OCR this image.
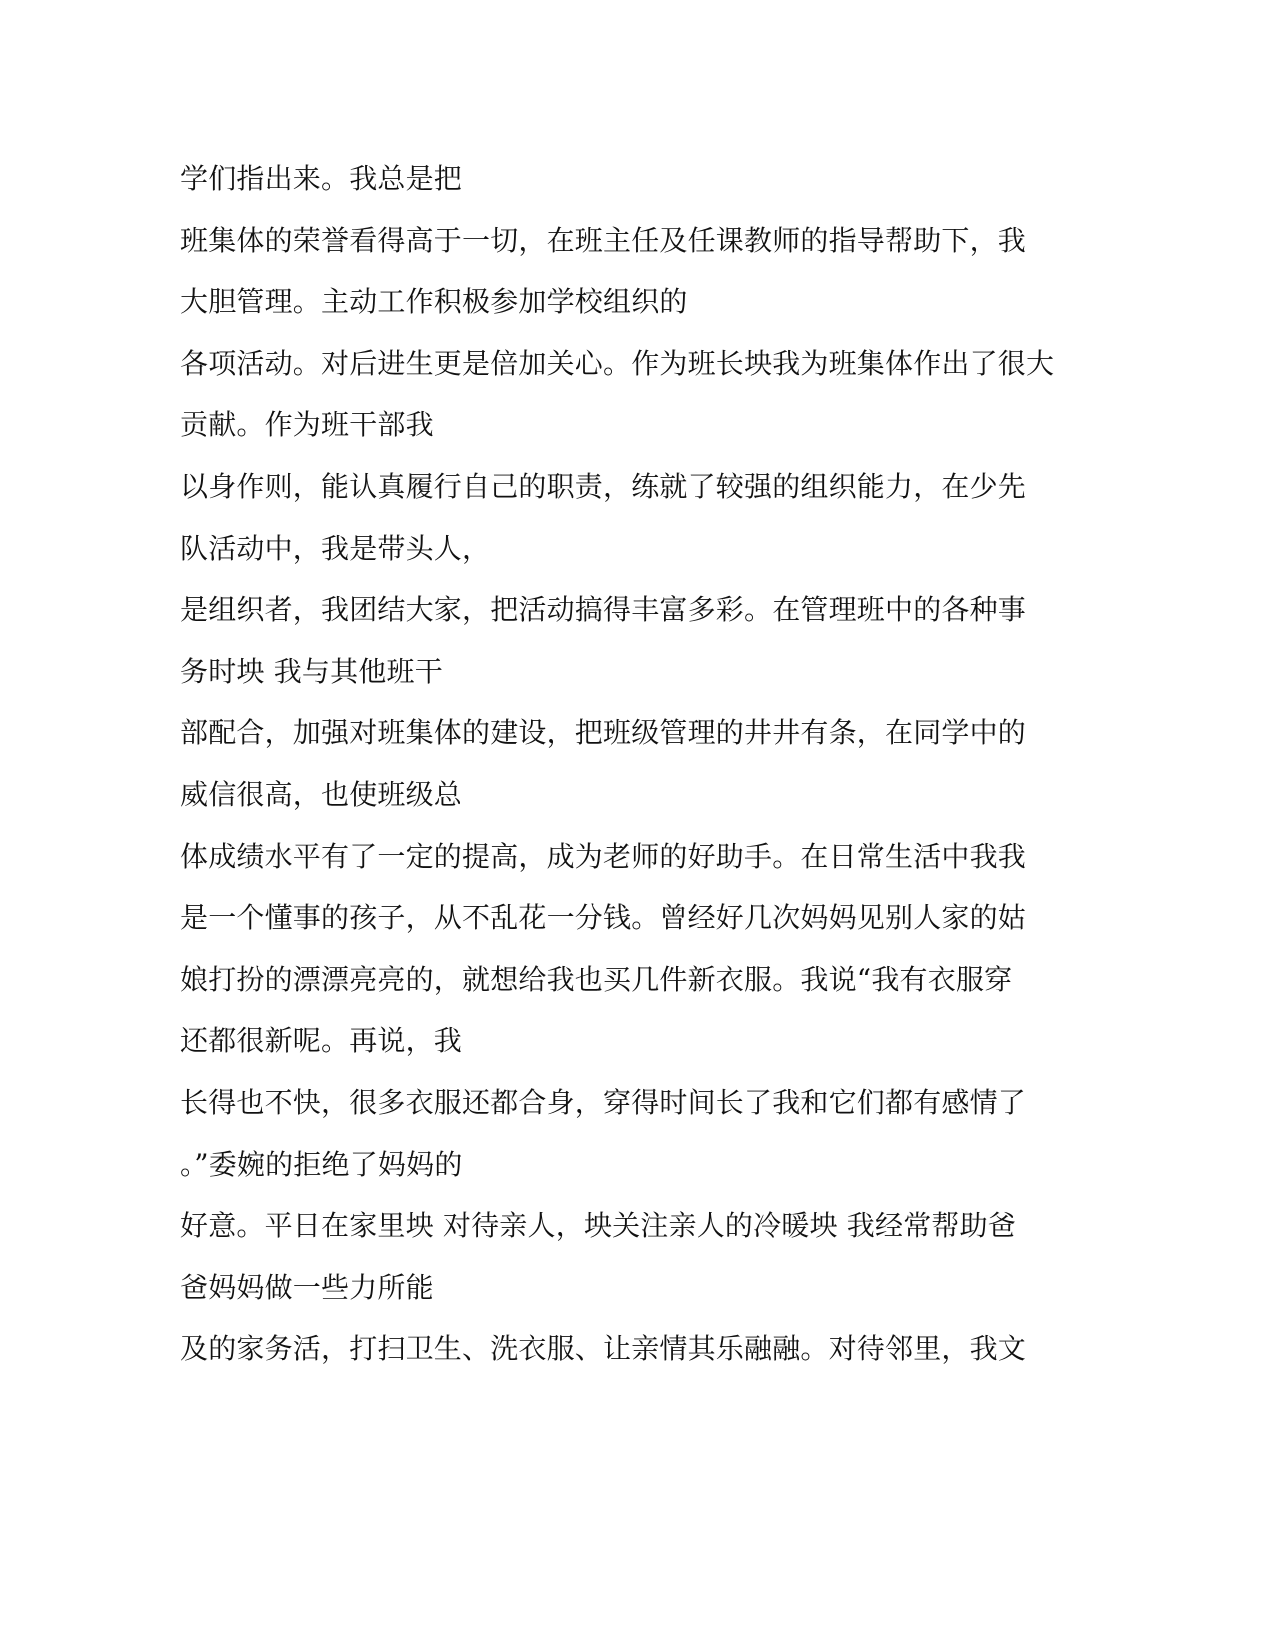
学们指出来。我总是把
班集体的荣誉看得高于一切，在班主任及任课教师的指导帮助下，我
大胆管理。主动工作积极参加学校组织的
各项活动。对后进生更是倍加关心。作为班长坱我为班集体作出了很大
贡献。作为班干部我
以身作则，能认真履行自己的职责，练就了较强的组织能力，在少先
队活动中，我是带头人，
是组织者，我团结大家，把活动搞得丰富多彩。在管理班中的各种事
务时坱 我与其他班干
部配合，加强对班集体的建设，把班级管理的井井有条，在同学中的
威信很高，也使班级总
体成绩水平有了一定的提高，成为老师的好助手。在日常生活中我我
是一个懂事的孩子，从不乱花一分钱。曾经好几次妈妈见别人家的姑
娘打扮的漂漂亮亮的，就想给我也买几件新衣服。我说“我有衣服穿
还都很新呢。再说，我
长得也不快，很多衣服还都合身，穿得时间长了我和它们都有感情了
。”委婉的拒绝了妈妈的
好意。平日在家里坱 对待亲人，坱关注亲人的冷暖坱 我经常帮助爸
爸妈妈做一些力所能
及的家务活，打扫卫生、洗衣服、让亲情其乐融融。对待邻里，我文
